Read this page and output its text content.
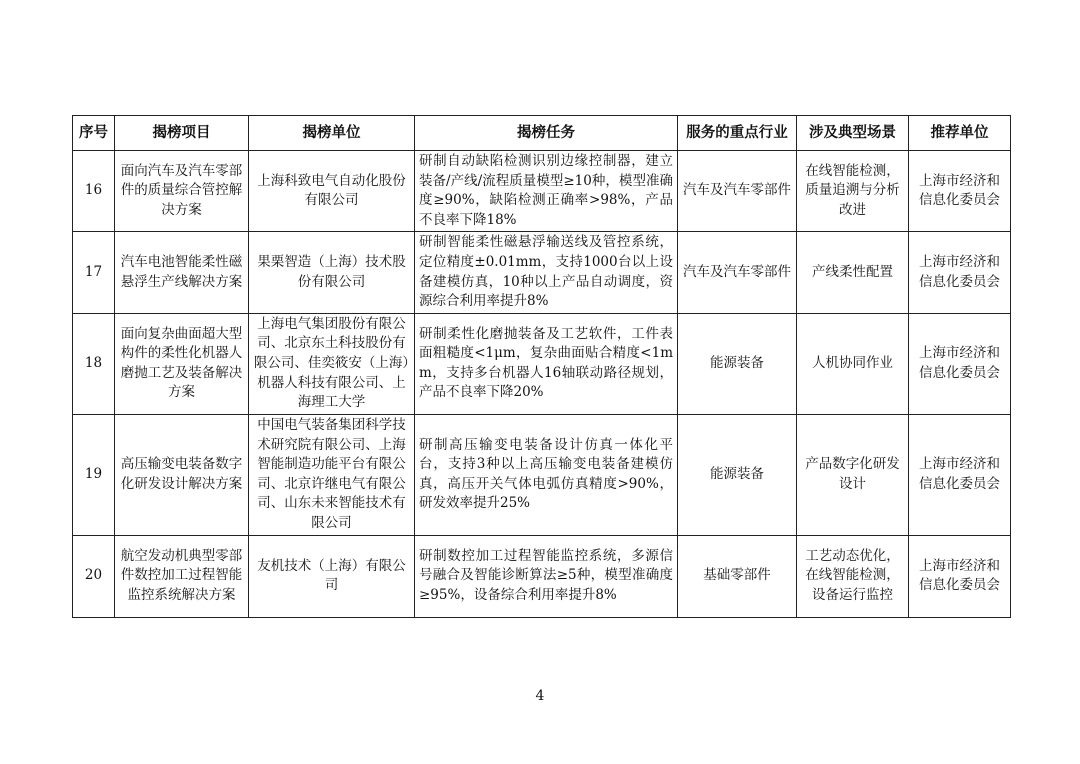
序号	揭榜项目	揭榜单位	揭榜任务	服务的重点行业	涉及典型场景	推荐单位
16	面向汽车及汽车零部件的质量综合管控解决方案	上海科致电气自动化股份有限公司	研制自动缺陷检测识别边缘控制器，建立装备/产线/流程质量模型≥10种，模型准确度≥90%，缺陷检测正确率>98%，产品不良率下降18%	汽车及汽车零部件	在线智能检测，质量追溯与分析改进	上海市经济和信息化委员会
17	汽车电池智能柔性磁悬浮生产线解决方案	果栗智造（上海）技术股份有限公司	研制智能柔性磁悬浮输送线及管控系统，定位精度±0.01mm，支持1000台以上设备建模仿真，10种以上产品自动调度，资源综合利用率提升8%	汽车及汽车零部件	产线柔性配置	上海市经济和信息化委员会
18	面向复杂曲面超大型构件的柔性化机器人磨抛工艺及装备解决方案	上海电气集团股份有限公司、北京东土科技股份有限公司、佳奕筱安（上海）机器人科技有限公司、上海理工大学	研制柔性化磨抛装备及工艺软件，工件表面粗糙度<1μm，复杂曲面贴合精度<1mm，支持多台机器人16轴联动路径规划，产品不良率下降20%	能源装备	人机协同作业	上海市经济和信息化委员会
19	高压输变电装备数字化研发设计解决方案	中国电气装备集团科学技术研究院有限公司、上海智能制造功能平台有限公司、北京许继电气有限公司、山东未来智能技术有限公司	研制高压输变电装备设计仿真一体化平台，支持3种以上高压输变电装备建模仿真，高压开关气体电弧仿真精度>90%，研发效率提升25%	能源装备	产品数字化研发设计	上海市经济和信息化委员会
20	航空发动机典型零部件数控加工过程智能监控系统解决方案	友机技术（上海）有限公司	研制数控加工过程智能监控系统，多源信号融合及智能诊断算法≥5种，模型准确度≥95%，设备综合利用率提升8%	基础零部件	工艺动态优化，在线智能检测，设备运行监控	上海市经济和信息化委员会
4
